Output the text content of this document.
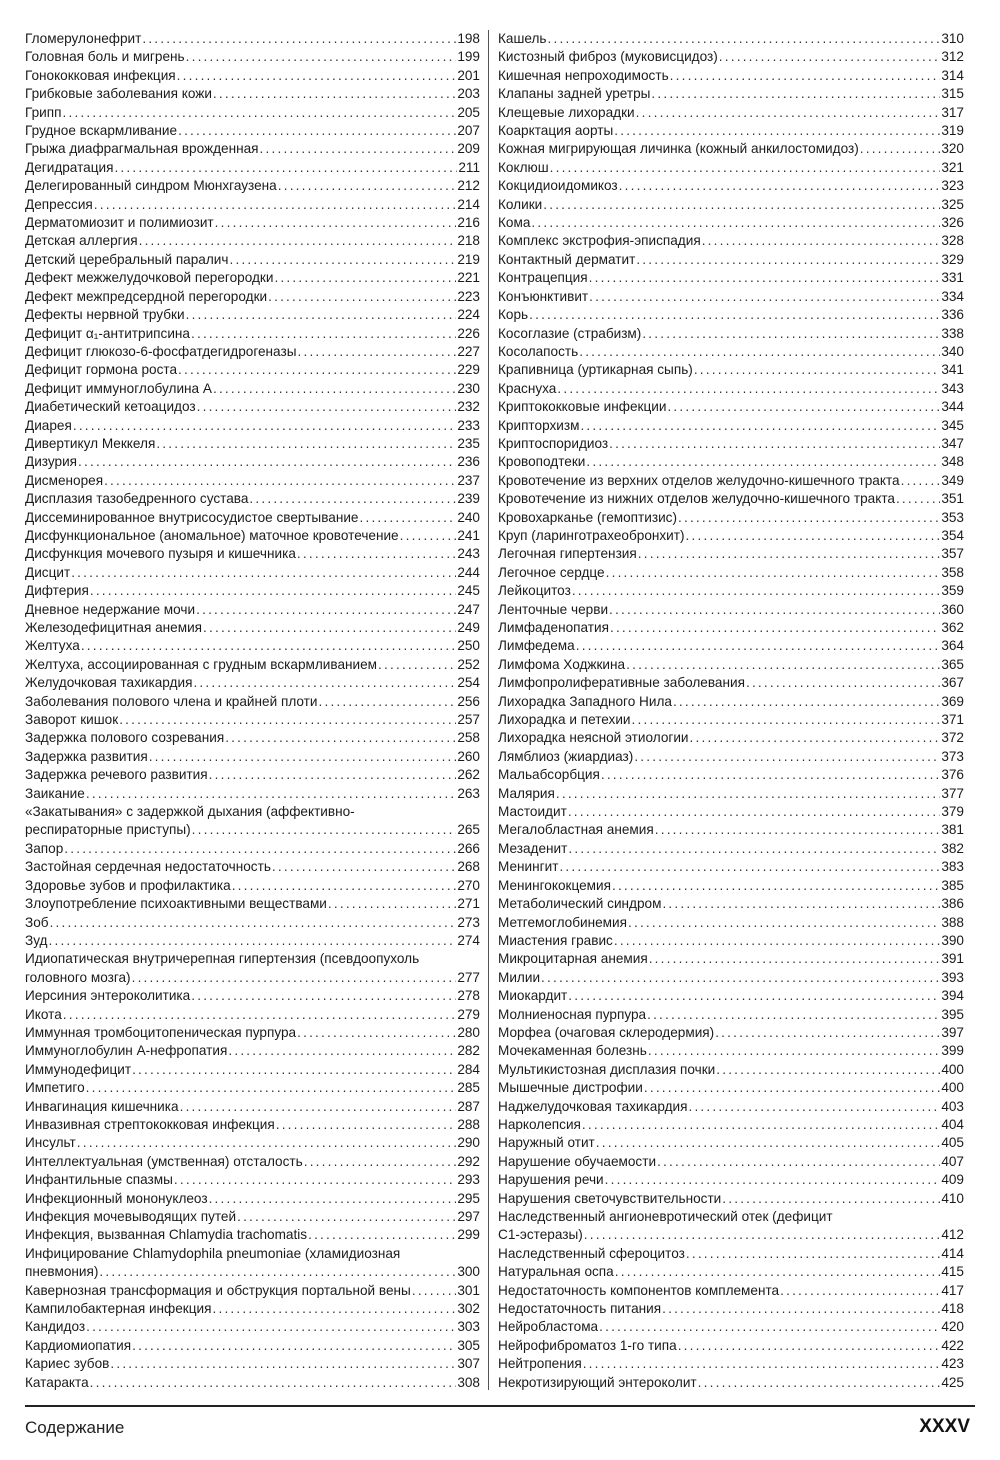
Гломерулонефрит .....	198
Головная боль и мигрень .....	199
Гонококковая инфекция .....	201
Грибковые заболевания кожи .....	203
Грипп .....	205
Грудное вскармливание .....	207
Грыжа диафрагмальная врожденная .....	209
Дегидратация .....	211
Делегированный синдром Мюнхгаузена .....	212
Депрессия .....	214
Дерматомиозит и полимиозит .....	216
Детская аллергия .....	218
Детский церебральный паралич .....	219
Дефект межжелудочковой перегородки .....	221
Дефект межпредсердной перегородки .....	223
Дефекты нервной трубки .....	224
Дефицит α₁-антитрипсина .....	226
Дефицит глюкозо-6-фосфатдегидрогеназы .....	227
Дефицит гормона роста .....	229
Дефицит иммуноглобулина А .....	230
Диабетический кетоацидоз .....	232
Диарея .....	233
Дивертикул Меккеля .....	235
Дизурия .....	236
Дисменорея .....	237
Дисплазия тазобедренного сустава .....	239
Диссеминированное внутрисосудистое свертывание .....	240
Дисфункциональное (аномальное) маточное кровотечение .....	241
Дисфункция мочевого пузыря и кишечника .....	243
Дисцит .....	244
Дифтерия .....	245
Дневное недержание мочи .....	247
Железодефицитная анемия .....	249
Желтуха .....	250
Желтуха, ассоциированная с грудным вскармливанием .....	252
Желудочковая тахикардия .....	254
Заболевания полового члена и крайней плоти .....	256
Заворот кишок .....	257
Задержка полового созревания .....	258
Задержка развития .....	260
Задержка речевого развития .....	262
Заикание .....	263
«Закатывания» с задержкой дыхания (аффективно-
респираторные приступы) .....	265
Запор .....	266
Застойная сердечная недостаточность .....	268
Здоровье зубов и профилактика .....	270
Злоупотребление психоактивными веществами .....	271
Зоб .....	273
Зуд .....	274
Идиопатическая внутричерепная гипертензия (псевдоопухоль
головного мозга) .....	277
Иерсиния энтероколитика .....	278
Икота .....	279
Иммунная тромбоцитопеническая пурпура .....	280
Иммуноглобулин А-нефропатия .....	282
Иммунодефицит .....	284
Импетиго .....	285
Инвагинация кишечника .....	287
Инвазивная стрептококковая инфекция .....	288
Инсульт .....	290
Интеллектуальная (умственная) отсталость .....	292
Инфантильные спазмы .....	293
Инфекционный мононуклеоз .....	295
Инфекция мочевыводящих путей .....	297
Инфекция, вызванная Chlamydia trachomatis .....	299
Инфицирование Chlamydophila pneumoniae (хламидиозная
пневмония) .....	300
Кавернозная трансформация и обструкция портальной вены .....	301
Кампилобактерная инфекция .....	302
Кандидоз .....	303
Кардиомиопатия .....	305
Кариес зубов .....	307
Катаракта .....	308
Кашель .....	310
Кистозный фиброз (муковисцидоз) .....	312
Кишечная непроходимость .....	314
Клапаны задней уретры .....	315
Клещевые лихорадки .....	317
Коарктация аорты .....	319
Кожная мигрирующая личинка (кожный анкилостомидоз) .....	320
Коклюш .....	321
Кокцидиоидомикоз .....	323
Колики .....	325
Кома .....	326
Комплекс экстрофия-эписпадия .....	328
Контактный дерматит .....	329
Контрацепция .....	331
Конъюнктивит .....	334
Корь .....	336
Косоглазие (страбизм) .....	338
Косолапость .....	340
Крапивница (уртикарная сыпь) .....	341
Краснуха .....	343
Криптококковые инфекции .....	344
Крипторхизм .....	345
Криптоспоридиоз .....	347
Кровоподтеки .....	348
Кровотечение из верхних отделов желудочно-кишечного тракта .....	349
Кровотечение из нижних отделов желудочно-кишечного тракта .....	351
Кровохарканье (гемоптизис) .....	353
Круп (ларинготрахеобронхит) .....	354
Легочная гипертензия .....	357
Легочное сердце .....	358
Лейкоцитоз .....	359
Ленточные черви .....	360
Лимфаденопатия .....	362
Лимфедема .....	364
Лимфома Ходжкина .....	365
Лимфопролиферативные заболевания .....	367
Лихорадка Западного Нила .....	369
Лихорадка и петехии .....	371
Лихорадка неясной этиологии .....	372
Лямблиоз (жиардиаз) .....	373
Мальабсорбция .....	376
Малярия .....	377
Мастоидит .....	379
Мегалобластная анемия .....	381
Мезаденит .....	382
Менингит .....	383
Менингококцемия .....	385
Метаболический синдром .....	386
Метгемоглобинемия .....	388
Миастения гравис .....	390
Микроцитарная анемия .....	391
Милии .....	393
Миокардит .....	394
Молниеносная пурпура .....	395
Морфеа (очаговая склеродермия) .....	397
Мочекаменная болезнь .....	399
Мультикистозная дисплазия почки .....	400
Мышечные дистрофии .....	400
Наджелудочковая тахикардия .....	403
Нарколепсия .....	404
Наружный отит .....	405
Нарушение обучаемости .....	407
Нарушения речи .....	409
Нарушения светочувствительности .....	410
Наследственный ангионевротический отек (дефицит
С1-эстеразы) .....	412
Наследственный сфероцитоз .....	414
Натуральная оспа .....	415
Недостаточность компонентов комплемента .....	417
Недостаточность питания .....	418
Нейробластома .....	420
Нейрофиброматоз 1-го типа .....	422
Нейтропения .....	423
Некротизирующий энтероколит .....	425
Содержание	XXXV
